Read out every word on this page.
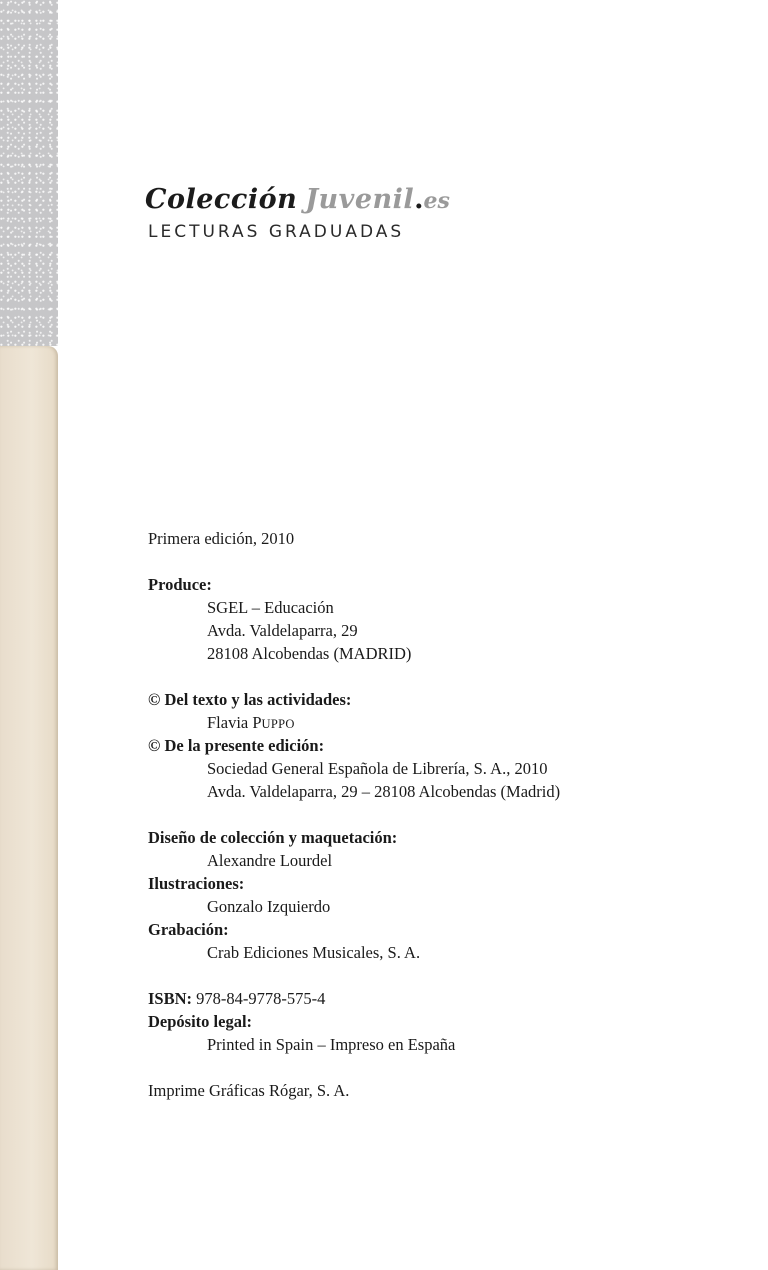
Colección Juvenil.es
LECTURAS GRADUADAS
Primera edición, 2010
Produce:
SGEL – Educación
Avda. Valdelaparra, 29
28108 Alcobendas (MADRID)
© Del texto y las actividades:
Flavia PUPPO
© De la presente edición:
Sociedad General Española de Librería, S. A., 2010
Avda. Valdelaparra, 29 – 28108 Alcobendas (Madrid)
Diseño de colección y maquetación:
Alexandre Lourdel
Ilustraciones:
Gonzalo Izquierdo
Grabación:
Crab Ediciones Musicales, S. A.
ISBN: 978-84-9778-575-4
Depósito legal:
Printed in Spain – Impreso en España
Imprime Gráficas Rógar, S. A.
